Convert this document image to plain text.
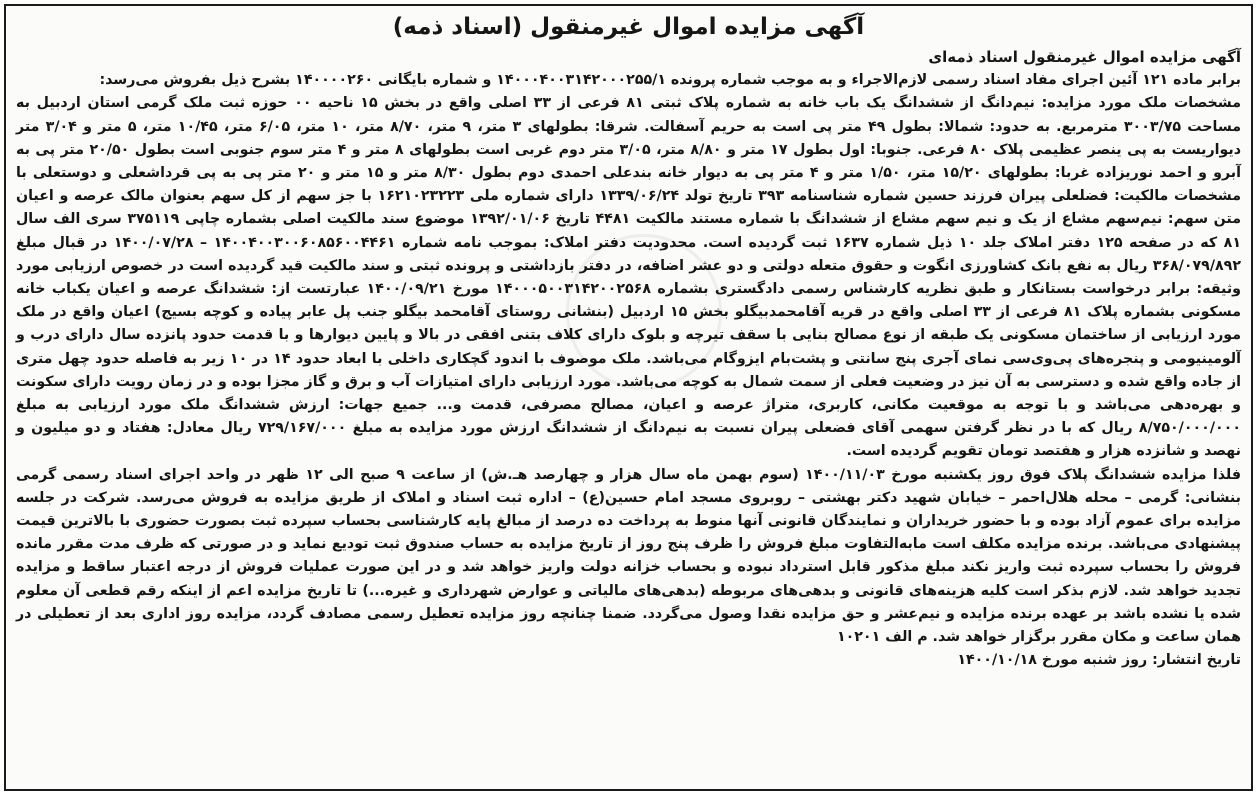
آگهی مزایده اموال غیرمنقول (اسناد ذمه)

آگهی مزایده اموال غیرمنقول اسناد ذمه‌ای

برابر ماده ۱۲۱ آئین اجرای مفاد اسناد رسمی لازم‌الاجراء و به موجب شماره پرونده ۱۴۰۰۰۴۰۰۳۱۴۲۰۰۰۲۵۵/۱ و شماره بایگانی ۱۴۰۰۰۰۲۶۰ بشرح ذیل بفروش می‌رسد:

مشخصات ملک مورد مزایده: نیم‌دانگ از ششدانگ یک باب خانه به شماره پلاک ثبتی ۸۱ فرعی از ۳۳ اصلی واقع در بخش ۱۵ ناحیه ۰۰ حوزه ثبت ملک گرمی استان اردبیل به مساحت ۳۰۰۳/۷۵ مترمربع. به حدود: شمالا: بطول ۴۹ متر پی است به حریم آسفالت. شرقا: بطولهای ۳ متر، ۹ متر، ۸/۷۰ متر، ۱۰ متر، ۶/۰۵ متر، ۱۰/۴۵ متر، ۵ متر و ۳/۰۴ متر دیواریست به پی ینصر عظیمی پلاک ۸۰ فرعی. جنوبا: اول بطول ۱۷ متر و ۸/۸۰ متر، ۳/۰۵ متر دوم غربی است بطولهای ۸ متر و ۴ متر سوم جنوبی است بطول ۲۰/۵۰ متر پی به آبرو و احمد نوریزاده غربا: بطولهای ۱۵/۲۰ متر، ۱/۵۰ متر و ۴ متر پی به دیوار خانه بندعلی احمدی دوم بطول ۸/۳۰ متر و ۱۵ متر و ۲۰ متر پی به پی قرداشعلی و دوستعلی با مشخصات مالکیت: فضلعلی پیران فرزند حسین شماره شناسنامه ۳۹۳ تاریخ تولد ۱۳۳۹/۰۶/۲۴ دارای شماره ملی ۱۶۲۱۰۲۳۲۲۳ با جز سهم از کل سهم بعنوان مالک عرصه و اعیان متن سهم: نیم‌سهم مشاع از یک و نیم سهم مشاع از ششدانگ با شماره مستند مالکیت ۴۴۸۱ تاریخ ۱۳۹۲/۰۱/۰۶ موضوع سند مالکیت اصلی بشماره چاپی ۳۷۵۱۱۹ سری الف سال ۸۱ که در صفحه ۱۲۵ دفتر املاک جلد ۱۰ ذیل شماره ۱۶۳۷ ثبت گردیده است. محدودیت دفتر املاک: بموجب نامه شماره ۱۴۰۰۴۰۰۳۰۰۶۰۸۵۶۰۰۴۴۶۱ – ۱۴۰۰/۰۷/۲۸ در قبال مبلغ ۳۶۸/۰۷۹/۸۹۲ ریال به نفع بانک کشاورزی انگوت و حقوق متعله دولتی و دو عشر اضافه، در دفتر بازداشتی و پرونده ثبتی و سند مالکیت قید گردیده است در خصوص ارزیابی مورد وثیقه: برابر درخواست بستانکار و طبق نظریه کارشناس رسمی دادگستری بشماره ۱۴۰۰۰۵۰۰۳۱۴۲۰۰۲۵۶۸ مورخ ۱۴۰۰/۰۹/۲۱ عبارتست از: ششدانگ عرصه و اعیان یکباب خانه مسکونی بشماره پلاک ۸۱ فرعی از ۳۳ اصلی واقع در قریه آقامحمدبیگلو بخش ۱۵ اردبیل (بنشانی روستای آقامحمد بیگلو جنب پل عابر پیاده و کوچه بسیج) اعیان واقع در ملک مورد ارزیابی از ساختمان مسکونی یک طبقه از نوع مصالح بنایی با سقف تیرچه و بلوک دارای کلاف بتنی افقی در بالا و پایین دیوارها و با قدمت حدود پانزده سال دارای درب و آلومینیومی و پنجره‌های پی‌وی‌سی نمای آجری پنج سانتی و پشت‌بام ایزوگام می‌باشد. ملک موصوف با اندود گچکاری داخلی با ابعاد حدود ۱۴ در ۱۰ زیر به فاصله حدود چهل متری از جاده واقع شده و دسترسی به آن نیز در وضعیت فعلی از سمت شمال به کوچه می‌باشد. مورد ارزیابی دارای امتیازات آب و برق و گاز مجزا بوده و در زمان رویت دارای سکونت و بهره‌دهی می‌باشد و با توجه به موقعیت مکانی، کاربری، متراژ عرصه و اعیان، مصالح مصرفی، قدمت و... جمیع جهات: ارزش ششدانگ ملک مورد ارزیابی به مبلغ ۸/۷۵۰/۰۰۰/۰۰۰ ریال که با در نظر گرفتن سهمی آقای فضعلی پیران نسبت به نیم‌دانگ از ششدانگ ارزش مورد مزایده به مبلغ ۷۲۹/۱۶۷/۰۰۰ ریال معادل: هفتاد و دو میلیون و نهصد و شانزده هزار و هفتصد تومان تقویم گردیده است.

فلذا مزایده ششدانگ پلاک فوق روز یکشنبه مورخ ۱۴۰۰/۱۱/۰۳ (سوم بهمن ماه سال هزار و چهارصد هـ.ش) از ساعت ۹ صبح الی ۱۲ ظهر در واحد اجرای اسناد رسمی گرمی بنشانی: گرمی – محله هلال‌احمر – خیابان شهید دکتر بهشتی – روبروی مسجد امام حسین(ع) – اداره ثبت اسناد و املاک از طریق مزایده به فروش می‌رسد. شرکت در جلسه مزایده برای عموم آزاد بوده و با حضور خریداران و نمایندگان قانونی آنها منوط به پرداخت ده درصد از مبالغ پایه کارشناسی بحساب سپرده ثبت بصورت حضوری با بالاترین قیمت پیشنهادی می‌باشد. برنده مزایده مکلف است مابه‌التفاوت مبلغ فروش را ظرف پنج روز از تاریخ مزایده به حساب صندوق ثبت تودیع نماید و در صورتی که ظرف مدت مقرر مانده فروش را بحساب سپرده ثبت واریز نکند مبلغ مذکور قابل استرداد نبوده و بحساب خزانه دولت واریز خواهد شد و در این صورت عملیات فروش از درجه اعتبار ساقط و مزایده تجدید خواهد شد. لازم بذکر است کلیه هزینه‌های قانونی و بدهی‌های مربوطه (بدهی‌های مالیاتی و عوارض شهرداری و غیره...) تا تاریخ مزایده اعم از اینکه رقم قطعی آن معلوم شده یا نشده باشد بر عهده برنده مزایده و نیم‌عشر و حق مزایده نقدا وصول می‌گردد. ضمنا چنانچه روز مزایده تعطیل رسمی مصادف گردد، مزایده روز اداری بعد از تعطیلی در همان ساعت و مکان مقرر برگزار خواهد شد. م الف ۱۰۲۰۱

تاریخ انتشار: روز شنبه مورخ ۱۴۰۰/۱۰/۱۸
